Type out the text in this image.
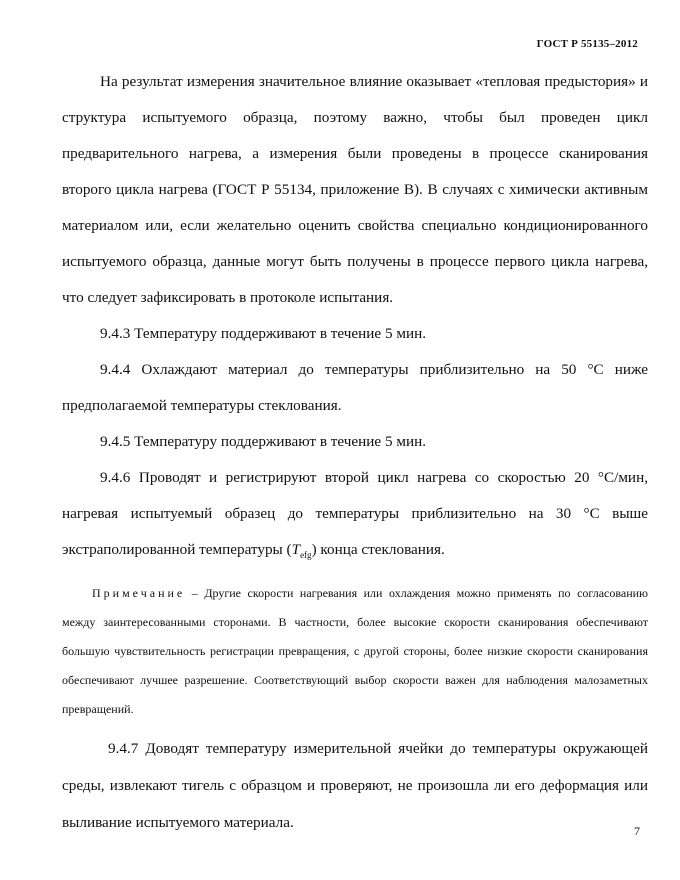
ГОСТ Р 55135–2012

На результат измерения значительное влияние оказывает «тепловая предыстория» и структура испытуемого образца, поэтому важно, чтобы был проведен цикл предварительного нагрева, а измерения были проведены в процессе сканирования второго цикла нагрева (ГОСТ Р 55134, приложение В). В случаях с химически активным материалом или, если желательно оценить свойства специально кондиционированного испытуемого образца, данные могут быть получены в процессе первого цикла нагрева, что следует зафиксировать в протоколе испытания.

9.4.3 Температуру поддерживают в течение 5 мин.

9.4.4 Охлаждают материал до температуры приблизительно на 50 °С ниже предполагаемой температуры стеклования.

9.4.5 Температуру поддерживают в течение 5 мин.

9.4.6 Проводят и регистрируют второй цикл нагрева со скоростью 20 °С/мин, нагревая испытуемый образец до температуры приблизительно на 30 °С выше экстраполированной температуры $(T_{efg})$ конца стеклования.

Примечание – Другие скорости нагревания или охлаждения можно применять по согласованию между заинтересованными сторонами. В частности, более высокие скорости сканирования обеспечивают большую чувствительность регистрации превращения, с другой стороны, более низкие скорости сканирования обеспечивают лучшее разрешение. Соответствующий выбор скорости важен для наблюдения малозаметных превращений.

9.4.7 Доводят температуру измерительной ячейки до температуры окружающей среды, извлекают тигель с образцом и проверяют, не произошла ли его деформация или выливание испытуемого материала.	7
